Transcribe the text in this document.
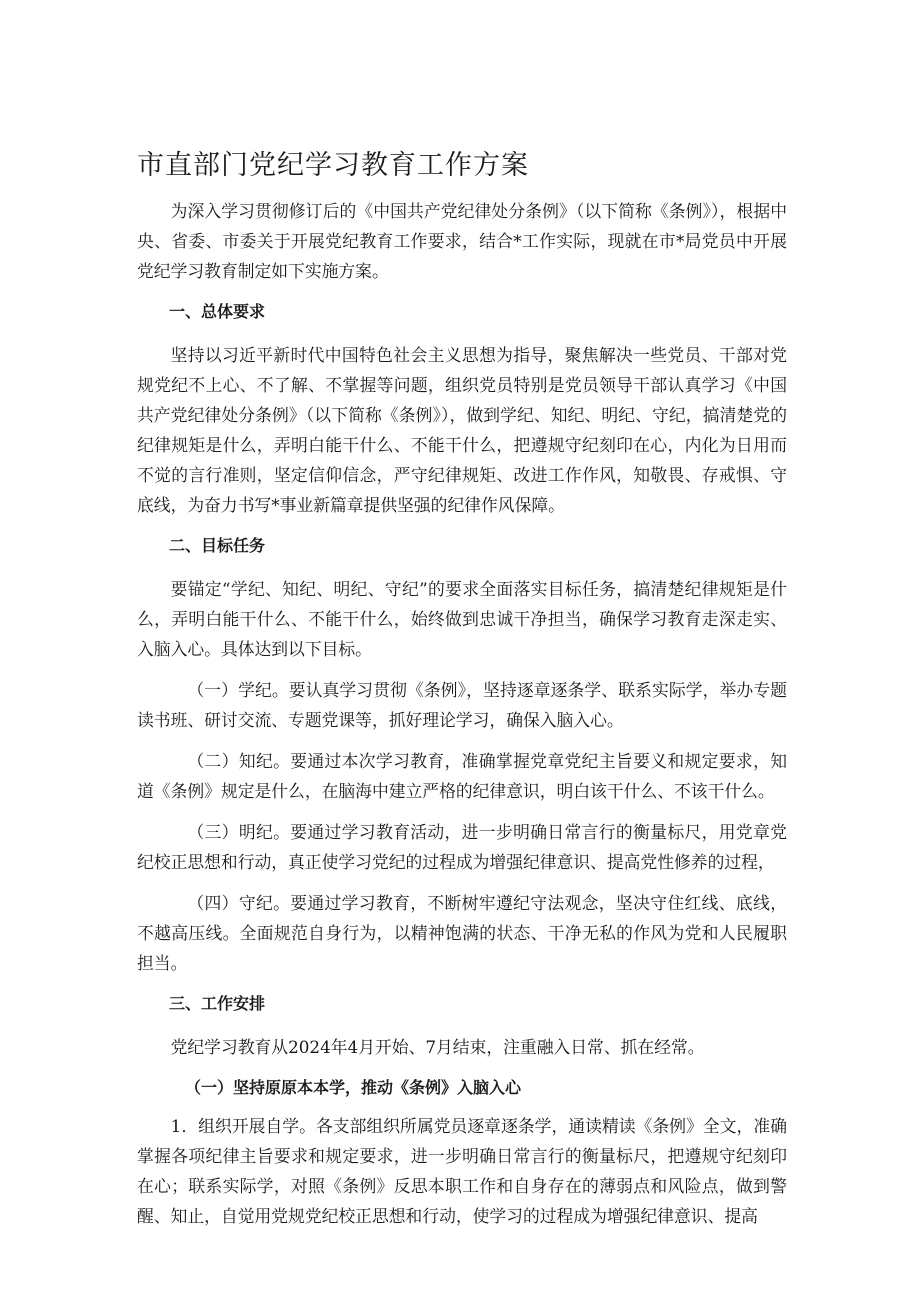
市直部门党纪学习教育工作方案

为深入学习贯彻修订后的《中国共产党纪律处分条例》（以下简称《条例》），根据中央、省委、市委关于开展党纪教育工作要求，结合*工作实际，现就在市*局党员中开展党纪学习教育制定如下实施方案。

一、总体要求

坚持以习近平新时代中国特色社会主义思想为指导，聚焦解决一些党员、干部对党规党纪不上心、不了解、不掌握等问题，组织党员特别是党员领导干部认真学习《中国共产党纪律处分条例》（以下简称《条例》），做到学纪、知纪、明纪、守纪，搞清楚党的纪律规矩是什么，弄明白能干什么、不能干什么，把遵规守纪刻印在心，内化为日用而不觉的言行准则，坚定信仰信念，严守纪律规矩、改进工作作风，知敬畏、存戒惧、守底线，为奋力书写*事业新篇章提供坚强的纪律作风保障。

二、目标任务

要锚定“学纪、知纪、明纪、守纪”的要求全面落实目标任务，搞清楚纪律规矩是什么，弄明白能干什么、不能干什么，始终做到忠诚干净担当，确保学习教育走深走实、入脑入心。具体达到以下目标。

（一）学纪。要认真学习贯彻《条例》，坚持逐章逐条学、联系实际学，举办专题读书班、研讨交流、专题党课等，抓好理论学习，确保入脑入心。

（二）知纪。要通过本次学习教育，准确掌握党章党纪主旨要义和规定要求，知道《条例》规定是什么，在脑海中建立严格的纪律意识，明白该干什么、不该干什么。

（三）明纪。要通过学习教育活动，进一步明确日常言行的衡量标尺，用党章党纪校正思想和行动，真正使学习党纪的过程成为增强纪律意识、提高党性修养的过程，

（四）守纪。要通过学习教育，不断树牢遵纪守法观念，坚决守住红线、底线，不越高压线。全面规范自身行为，以精神饱满的状态、干净无私的作风为党和人民履职担当。

三、工作安排

党纪学习教育从2024年4月开始、7月结束，注重融入日常、抓在经常。

（一）坚持原原本本学，推动《条例》入脑入心

1．组织开展自学。各支部组织所属党员逐章逐条学，通读精读《条例》全文，准确掌握各项纪律主旨要求和规定要求，进一步明确日常言行的衡量标尺，把遵规守纪刻印在心；联系实际学，对照《条例》反思本职工作和自身存在的薄弱点和风险点，做到警醒、知止，自觉用党规党纪校正思想和行动，使学习的过程成为增强纪律意识、提高
